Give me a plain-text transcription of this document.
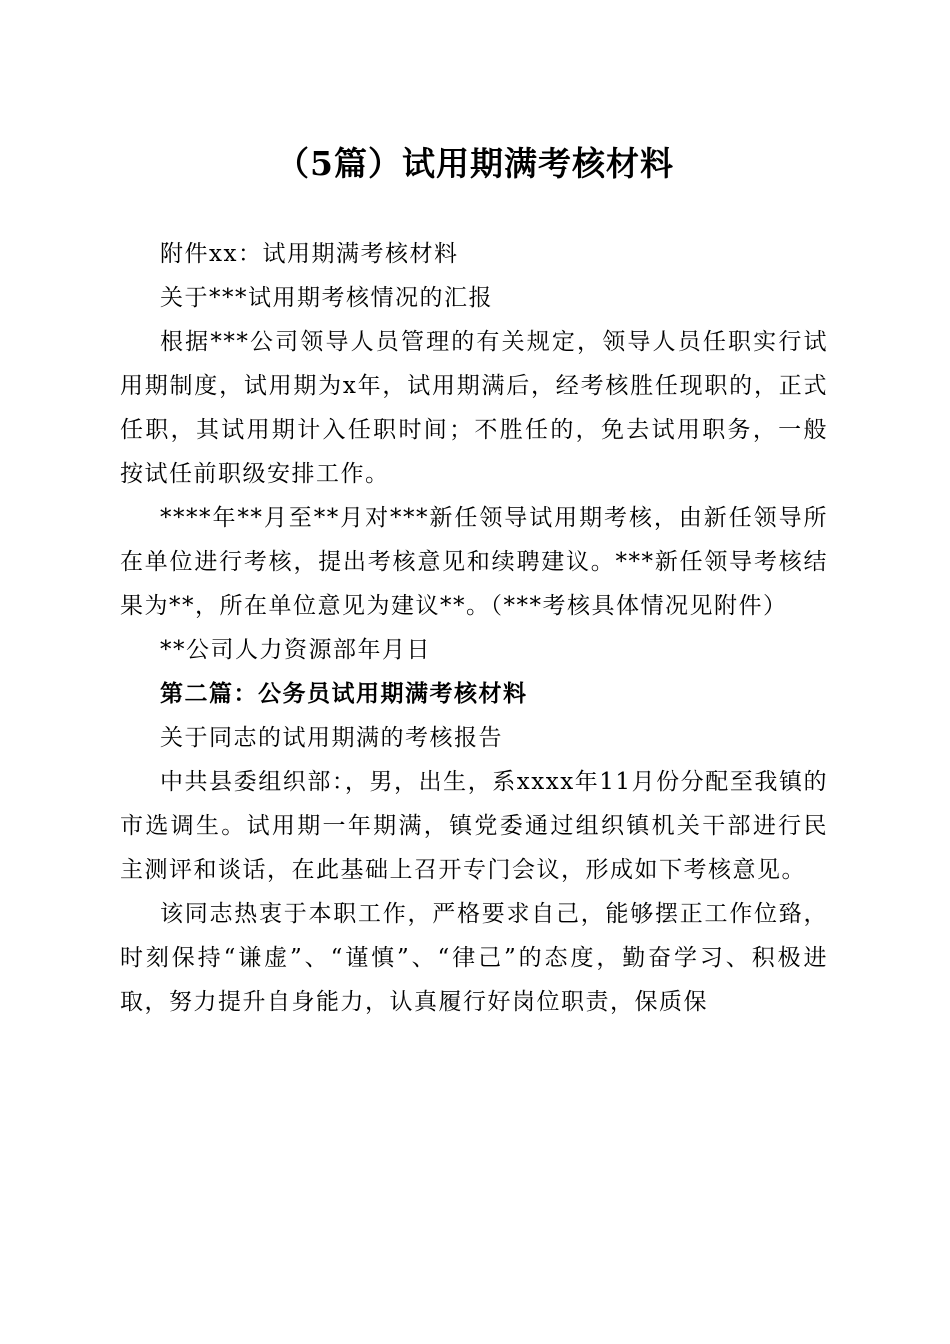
（5篇）试用期满考核材料

附件xx：试用期满考核材料

关于***试用期考核情况的汇报

根据***公司领导人员管理的有关规定，领导人员任职实行试用期制度，试用期为x年，试用期满后，经考核胜任现职的，正式任职，其试用期计入任职时间；不胜任的，免去试用职务，一般按试任前职级安排工作。

****年**月至**月对***新任领导试用期考核，由新任领导所在单位进行考核，提出考核意见和续聘建议。***新任领导考核结果为**，所在单位意见为建议**。（***考核具体情况见附件）

**公司人力资源部年月日

第二篇：公务员试用期满考核材料

关于同志的试用期满的考核报告

中共县委组织部：，男，出生，系xxxx年11月份分配至我镇的市选调生。试用期一年期满，镇党委通过组织镇机关干部进行民主测评和谈话，在此基础上召开专门会议，形成如下考核意见。

该同志热衷于本职工作，严格要求自己，能够摆正工作位臵，时刻保持“谦虚”、“谨慎”、“律己”的态度，勤奋学习、积极进取，努力提升自身能力，认真履行好岗位职责，保质保
